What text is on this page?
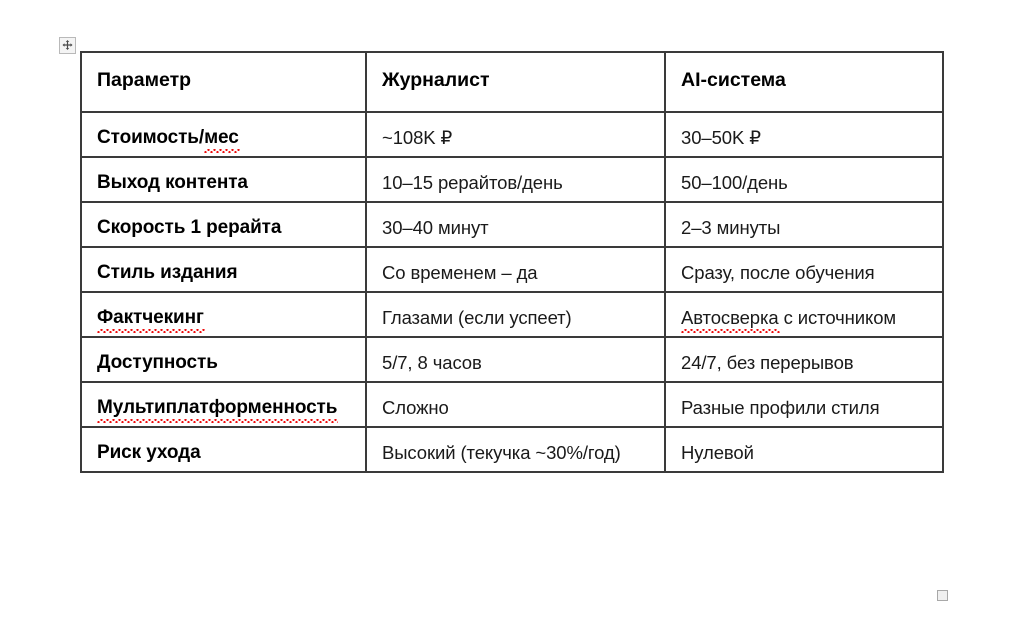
Параметр	Журналист	AI-система

Стоимость/мес	~108K ₽	30–50K ₽

Выход контента	10–15 рерайтов/день	50–100/день

Скорость 1 рерайта	30–40 минут	2–3 минуты

Стиль издания	Со временем – да	Сразу, после обучения

Фактчекинг	Глазами (если успеет)	Автосверка с источником

Доступность	5/7, 8 часов	24/7, без перерывов

Мультиплатформенность	Сложно	Разные профили стиля

Риск ухода	Высокий (текучка ~30%/год)	Нулевой
